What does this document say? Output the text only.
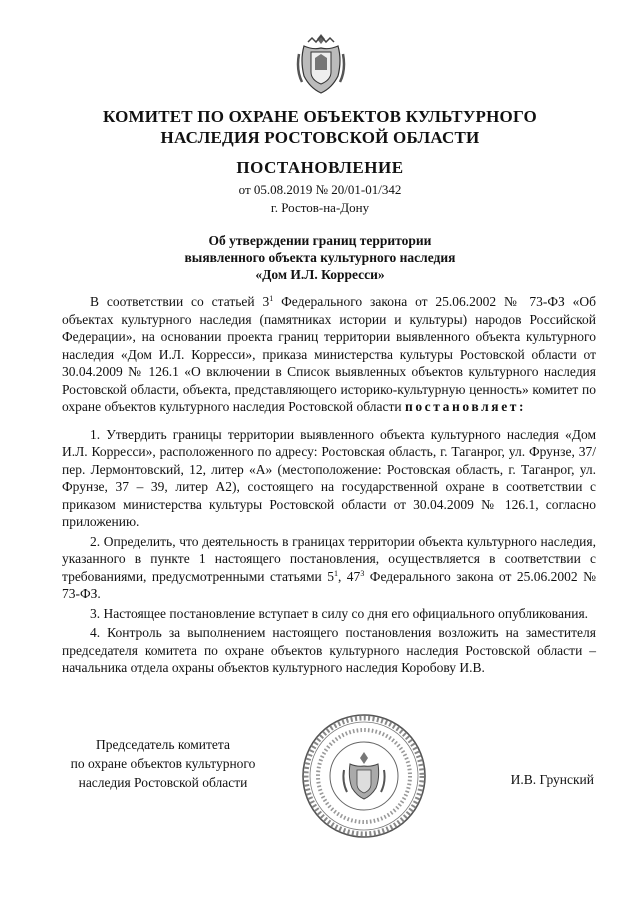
КОМИТЕТ ПО ОХРАНЕ ОБЪЕКТОВ КУЛЬТУРНОГО
НАСЛЕДИЯ РОСТОВСКОЙ ОБЛАСТИ
ПОСТАНОВЛЕНИЕ
от 05.08.2019 № 20/01-01/342
г. Ростов-на-Дону
Об утверждении границ территории
выявленного объекта культурного наследия
«Дом И.Л. Корресси»

В соответствии со статьей $3^1$ Федерального закона от 25.06.2002 № 73-ФЗ «Об объектах культурного наследия (памятниках истории и культуры) народов Российской Федерации», на основании проекта границ территории выявленного объекта культурного наследия «Дом И.Л. Корресси», приказа министерства культуры Ростовской области от 30.04.2009 № 126.1 «О включении в Список выявленных объектов культурного наследия Ростовской области, объекта, представляющего историко-культурную ценность» комитет по охране объектов культурного наследия Ростовской области постановляет:

1. Утвердить границы территории выявленного объекта культурного наследия «Дом И.Л. Корресси», расположенного по адресу: Ростовская область, г. Таганрог, ул. Фрунзе, 37/ пер. Лермонтовский, 12, литер «А» (местоположение: Ростовская область, г. Таганрог, ул. Фрунзе, 37 – 39, литер А2), состоящего на государственной охране в соответствии с приказом министерства культуры Ростовской области от 30.04.2009 № 126.1, согласно приложению.

2. Определить, что деятельность в границах территории объекта культурного наследия, указанного в пункте 1 настоящего постановления, осуществляется в соответствии с требованиями, предусмотренными статьями $5^1$, $47^3$ Федерального закона от 25.06.2002 № 73-ФЗ.

3. Настоящее постановление вступает в силу со дня его официального опубликования.

4. Контроль за выполнением настоящего постановления возложить на заместителя председателя комитета по охране объектов культурного наследия Ростовской области – начальника отдела охраны объектов культурного наследия Коробову И.В.

Председатель комитета
по охране объектов культурного
наследия Ростовской области	И.В. Грунский
